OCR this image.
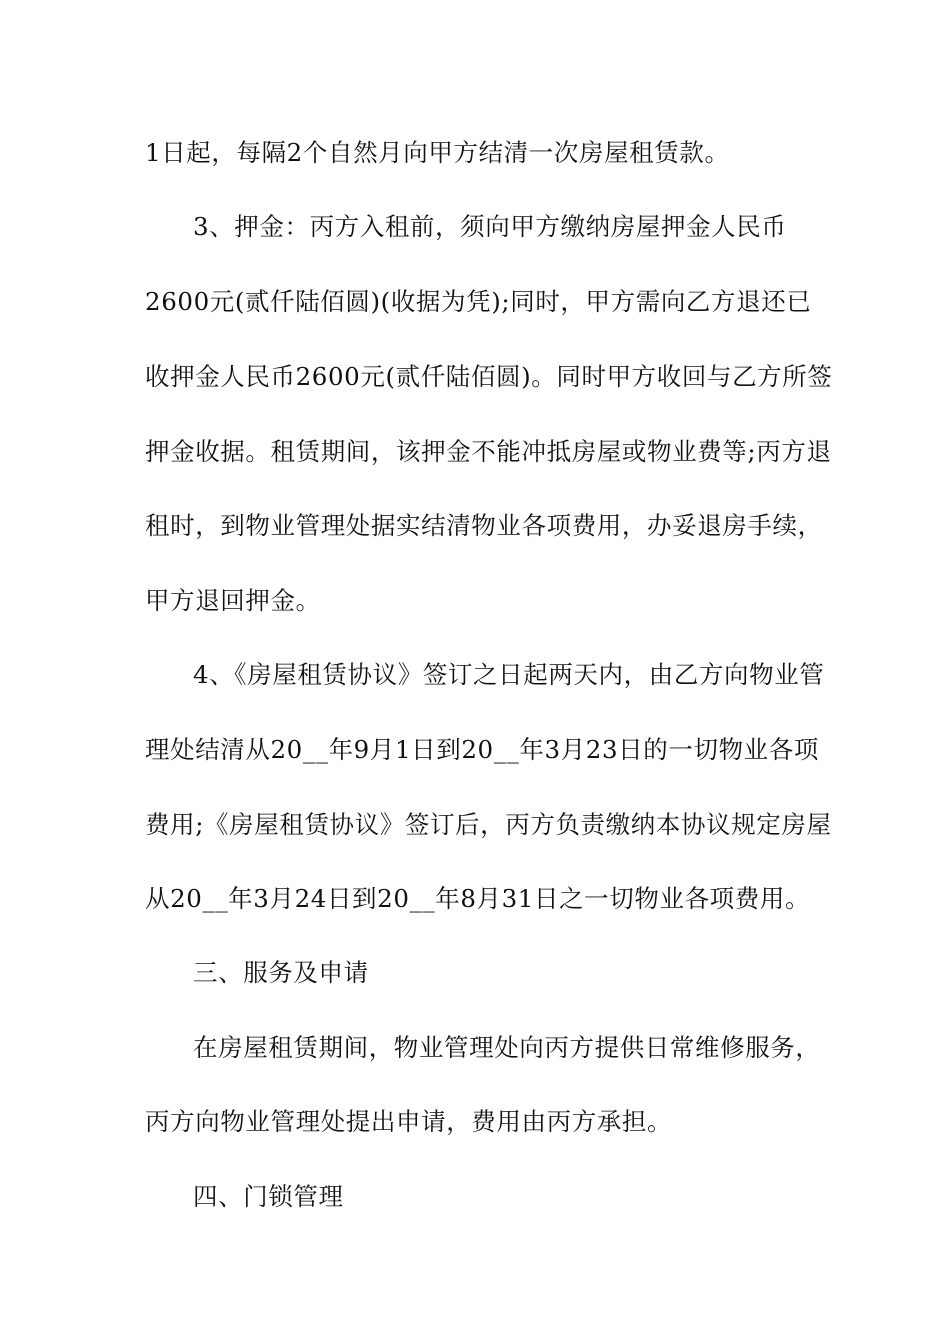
1日起，每隔2个自然月向甲方结清一次房屋租赁款。
3、押金：丙方入租前，须向甲方缴纳房屋押金人民币
2600元(贰仟陆佰圆)(收据为凭);同时，甲方需向乙方退还已
收押金人民币2600元(贰仟陆佰圆)。同时甲方收回与乙方所签
押金收据。租赁期间，该押金不能冲抵房屋或物业费等;丙方退
租时，到物业管理处据实结清物业各项费用，办妥退房手续，
甲方退回押金。
4、《房屋租赁协议》签订之日起两天内，由乙方向物业管
理处结清从20__年9月1日到20__年3月23日的一切物业各项
费用;《房屋租赁协议》签订后，丙方负责缴纳本协议规定房屋
从20__年3月24日到20__年8月31日之一切物业各项费用。
三、服务及申请
在房屋租赁期间，物业管理处向丙方提供日常维修服务，
丙方向物业管理处提出申请，费用由丙方承担。
四、门锁管理
